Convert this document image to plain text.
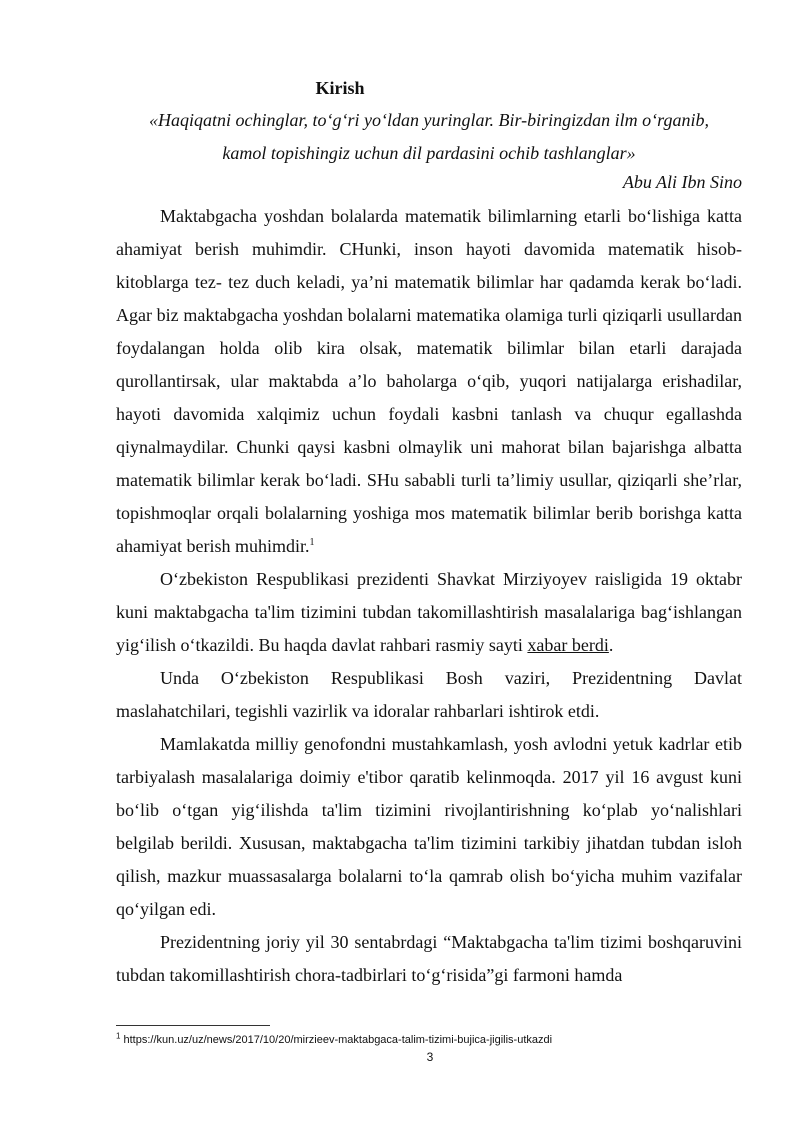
Kirish
«Haqiqatni ochinglar, to‘g‘ri yo‘ldan yuringlar. Bir-biringizdan ilm o‘rganib,
kamol topishingiz uchun dil pardasini ochib tashlanglar»
Abu Ali Ibn Sino

Maktabgacha yoshdan bolalarda matematik bilimlarning etarli bo‘lishiga katta ahamiyat berish muhimdir. CHunki, inson hayoti davomida matematik hisob-kitoblarga tez- tez duch keladi, ya’ni matematik bilimlar har qadamda kerak bo‘ladi. Agar biz maktabgacha yoshdan bolalarni matematika olamiga turli qiziqarli usullardan foydalangan holda olib kira olsak, matematik bilimlar bilan etarli darajada qurollantirsak, ular maktabda a’lo baholarga o‘qib, yuqori natijalarga erishadilar, hayoti davomida xalqimiz uchun foydali kasbni tanlash va chuqur egallashda qiynalmaydilar. Chunki qaysi kasbni olmaylik uni mahorat bilan bajarishga albatta matematik bilimlar kerak bo‘ladi. SHu sababli turli ta’limiy usullar, qiziqarli she’rlar, topishmoqlar orqali bolalarning yoshiga mos matematik bilimlar berib borishga katta ahamiyat berish muhimdir.$^1$

O‘zbekiston Respublikasi prezidenti Shavkat Mirziyoyev raisligida 19 oktabr kuni maktabgacha ta'lim tizimini tubdan takomillashtirish masalalariga bag‘ishlangan yig‘ilish o‘tkazildi. Bu haqda davlat rahbari rasmiy sayti xabar berdi.

Unda O‘zbekiston Respublikasi Bosh vaziri, Prezidentning Davlat maslahatchilari, tegishli vazirlik va idoralar rahbarlari ishtirok etdi.

Mamlakatda milliy genofondni mustahkamlash, yosh avlodni yetuk kadrlar etib tarbiyalash masalalariga doimiy e'tibor qaratib kelinmoqda. 2017 yil 16 avgust kuni bo‘lib o‘tgan yig‘ilishda ta'lim tizimini rivojlantirishning ko‘plab yo‘nalishlari belgilab berildi. Xususan, maktabgacha ta'lim tizimini tarkibiy jihatdan tubdan isloh qilish, mazkur muassasalarga bolalarni to‘la qamrab olish bo‘yicha muhim vazifalar qo‘yilgan edi.

Prezidentning joriy yil 30 sentabrdagi “Maktabgacha ta'lim tizimi boshqaruvini tubdan takomillashtirish chora-tadbirlari to‘g‘risida”gi farmoni hamda

$^1$ https://kun.uz/uz/news/2017/10/20/mirzieev-maktabgaca-talim-tizimi-bujica-jigilis-utkazdi
3
